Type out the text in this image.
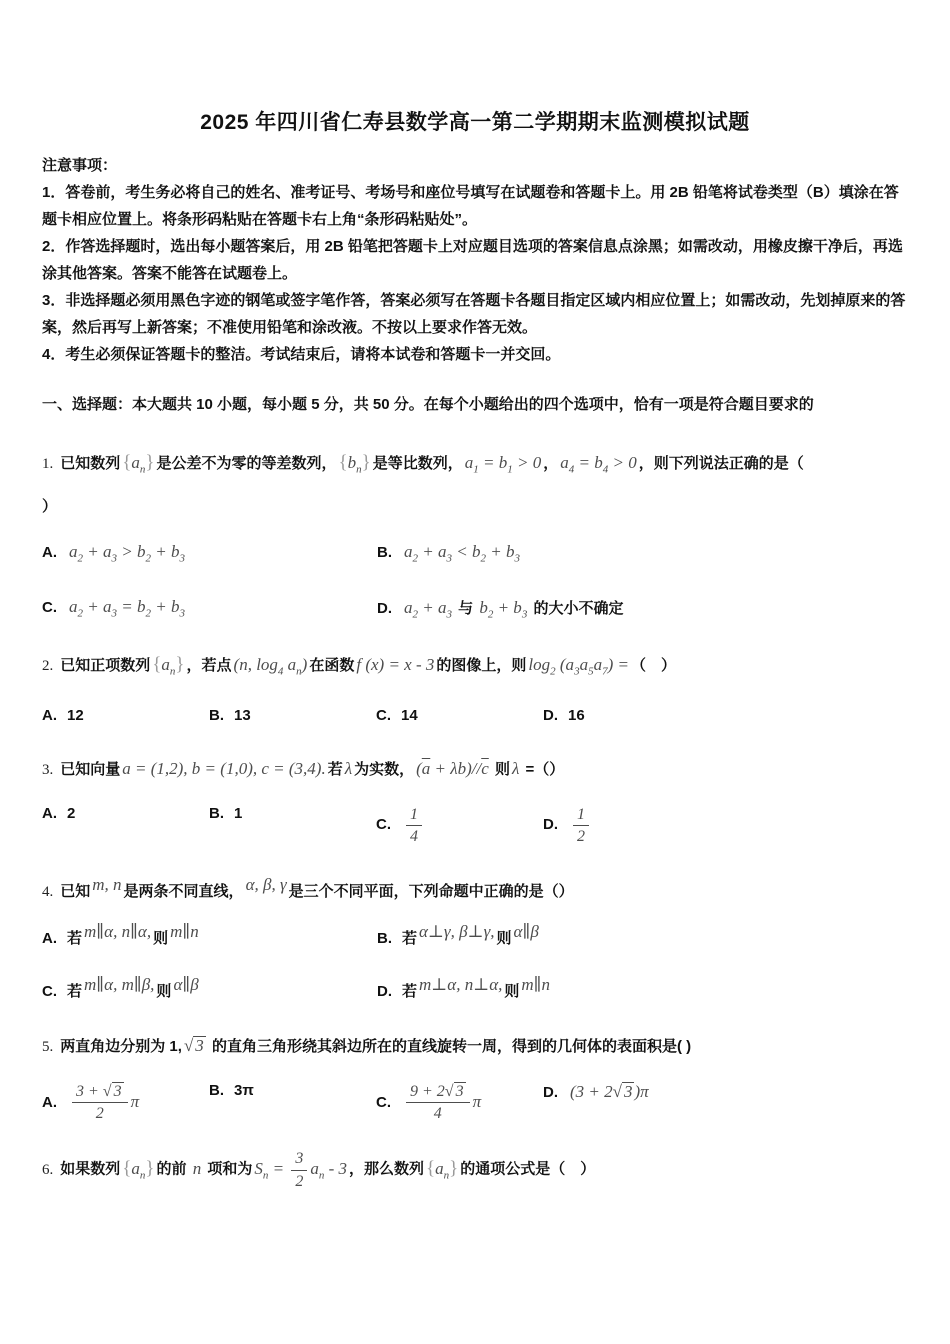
2025 年四川省仁寿县数学高一第二学期期末监测模拟试题
注意事项：

1．答卷前，考生务必将自己的姓名、准考证号、考场号和座位号填写在试题卷和答题卡上。用 2B 铅笔将试卷类型（B）填涂在答题卡相应位置上。将条形码粘贴在答题卡右上角“条形码粘贴处”。

2．作答选择题时，选出每小题答案后，用 2B 铅笔把答题卡上对应题目选项的答案信息点涂黑；如需改动，用橡皮擦干净后，再选涂其他答案。答案不能答在试题卷上。

3．非选择题必须用黑色字迹的钢笔或签字笔作答，答案必须写在答题卡各题目指定区域内相应位置上；如需改动，先划掉原来的答案，然后再写上新答案；不准使用铅笔和涂改液。不按以上要求作答无效。

4．考生必须保证答题卡的整洁。考试结束后，请将本试卷和答题卡一并交回。

一、选择题：本大题共 10 小题，每小题 5 分，共 50 分。在每个小题给出的四个选项中，恰有一项是符合题目要求的
1. 已知数列 $\{a_n\}$ 是公差不为零的等差数列， $\{b_n\}$ 是等比数列， $a_1 = b_1 > 0$ ， $a_4 = b_4 > 0$ ，则下列说法正确的是（
）
A. $a_2 + a_3 > b_2 + b_3$	B. $a_2 + a_3 < b_2 + b_3$
C. $a_2 + a_3 = b_2 + b_3$	D. $a_2 + a_3$ 与 $b_2 + b_3$ 的大小不确定
2. 已知正项数列 $\{a_n\}$ ，若点 (n, $\log_4 a_n$) 在函数 f (x) = x - 3 的图像上，则 $\log_2 (a_3a_5a_7)$ = （　）
A. 12	B. 13	C. 14	D. 16
3. 已知向量 a = (1,2), b = (1,0), c = (3,4). 若 λ 为实数， $(\overline{a} + \lambda b)//\overline{c}$ 则 λ =（）
A. 2	B. 1
C. $\frac{1}{4}$	D. $\frac{1}{2}$
4. 已知 m, n 是两条不同直线， α, β, γ 是三个不同平面，下列命题中正确的是（）
A. 若 m∥α, n∥α, 则 m∥n	B. 若 α⊥γ, β⊥γ, 则 α∥β
C. 若 m∥α, m∥β, 则 α∥β	D. 若 m⊥α, n⊥α, 则 m∥n
5. 两直角边分别为 1, √ 3 的直角三角形绕其斜边所在的直线旋转一周，得到的几何体的表面积是( )
A. $\frac{3 + √ 3}{2}$ π
B. 3π
C. $\frac{9 + 2√ 3}{4}$ π	D. (3 + 2√ 3 )π
6. 如果数列 $\{a_n\}$ 的前 n 项和为 $S_n = \frac{3}{2} a_n - 3$ ，那么数列 $\{a_n\}$ 的通项公式是（　）
